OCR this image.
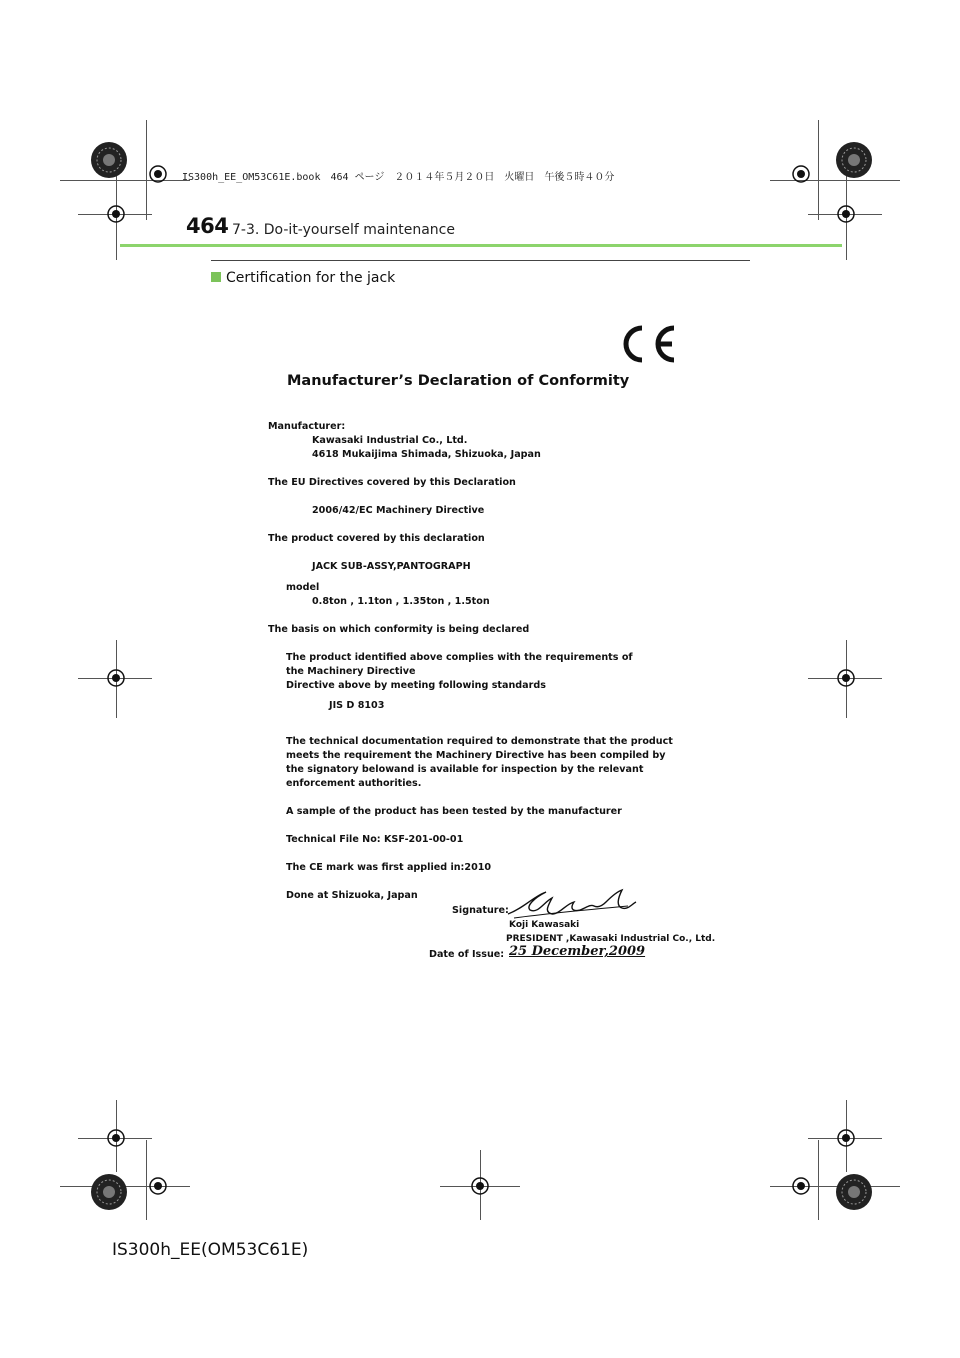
IS300h_EE_OM53C61E.book　464 ページ　２０１４年５月２０日　火曜日　午後５時４０分
464 7-3. Do-it-yourself maintenance
Certification for the jack
Manufacturer’s Declaration of Conformity
Manufacturer:
Kawasaki Industrial Co., Ltd.
4618 Mukaijima Shimada, Shizuoka, Japan
The EU Directives covered by this Declaration
2006/42/EC Machinery Directive
The product covered by this declaration
JACK SUB-ASSY,PANTOGRAPH
model
0.8ton , 1.1ton , 1.35ton , 1.5ton
The basis on which conformity is being declared
The product identified above complies with the requirements of
the Machinery Directive
Directive above by meeting following standards
JIS D 8103
The technical documentation required to demonstrate that the product
meets the requirement the Machinery Directive has been compiled by
the signatory belowand is available for inspection by the relevant
enforcement authorities.
A sample of the product has been tested by the manufacturer
Technical File No: KSF-201-00-01
The CE mark was first applied in:2010
Done at Shizuoka, Japan
Signature:
Koji Kawasaki
PRESIDENT ,Kawasaki Industrial Co., Ltd.
Date of Issue: 25 December,2009
IS300h_EE(OM53C61E)
